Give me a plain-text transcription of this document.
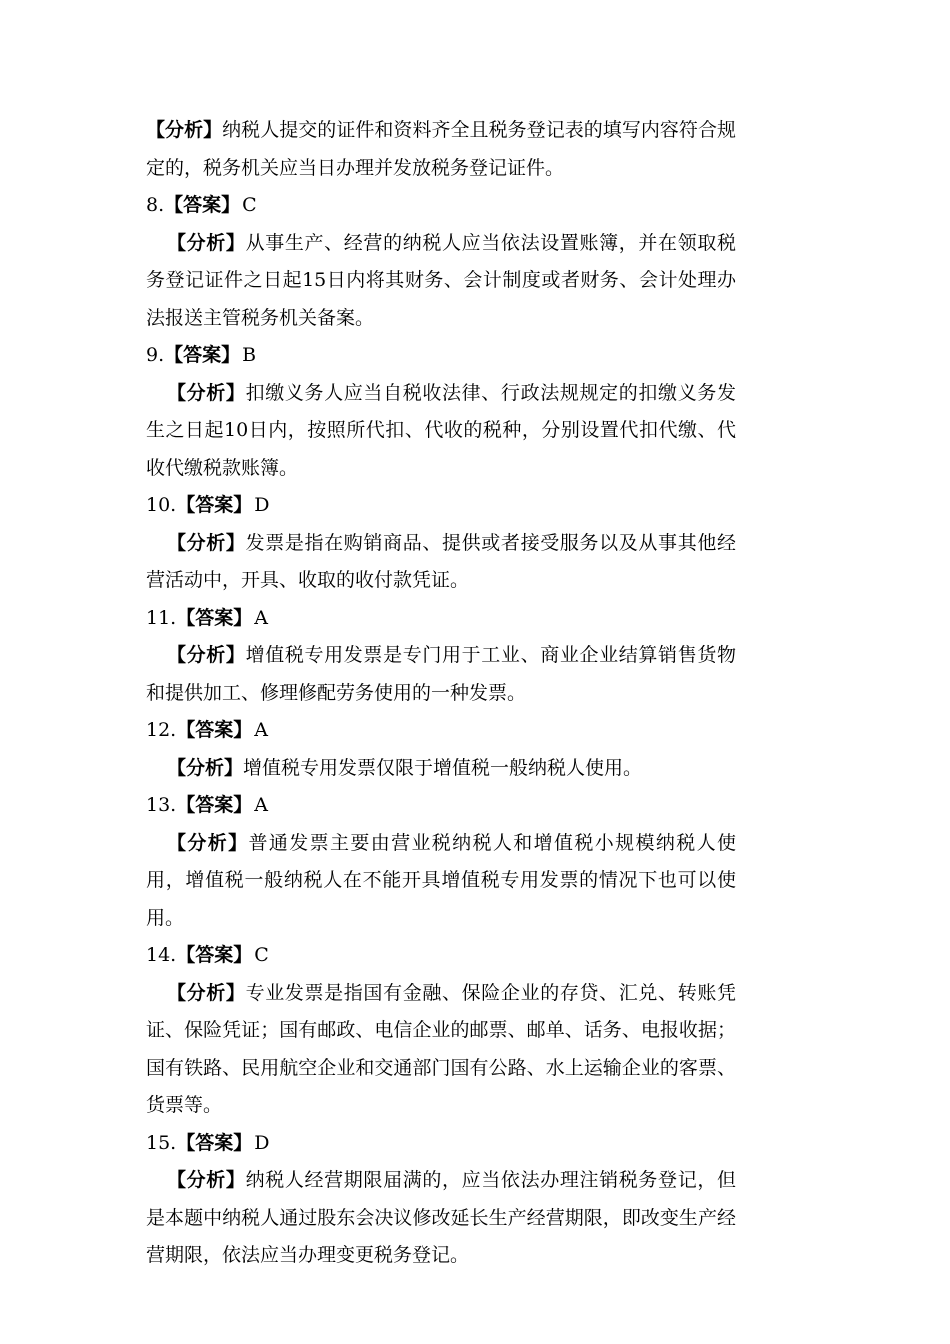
【分析】纳税人提交的证件和资料齐全且税务登记表的填写内容符合规定的，税务机关应当日办理并发放税务登记证件。

8.【答案】 C

【分析】从事生产、经营的纳税人应当依法设置账簿，并在领取税务登记证件之日起15日内将其财务、会计制度或者财务、会计处理办法报送主管税务机关备案。

9.【答案】 B

【分析】扣缴义务人应当自税收法律、行政法规规定的扣缴义务发生之日起10日内，按照所代扣、代收的税种，分别设置代扣代缴、代收代缴税款账簿。

10.【答案】 D

【分析】发票是指在购销商品、提供或者接受服务以及从事其他经营活动中，开具、收取的收付款凭证。

11.【答案】 A

【分析】增值税专用发票是专门用于工业、商业企业结算销售货物和提供加工、修理修配劳务使用的一种发票。

12.【答案】 A

【分析】增值税专用发票仅限于增值税一般纳税人使用。

13.【答案】 A

【分析】普通发票主要由营业税纳税人和增值税小规模纳税人使用，增值税一般纳税人在不能开具增值税专用发票的情况下也可以使用。

14.【答案】 C

【分析】专业发票是指国有金融、保险企业的存贷、汇兑、转账凭证、保险凭证；国有邮政、电信企业的邮票、邮单、话务、电报收据；国有铁路、民用航空企业和交通部门国有公路、水上运输企业的客票、货票等。

15.【答案】 D

【分析】纳税人经营期限届满的，应当依法办理注销税务登记，但是本题中纳税人通过股东会决议修改延长生产经营期限，即改变生产经营期限，依法应当办理变更税务登记。
